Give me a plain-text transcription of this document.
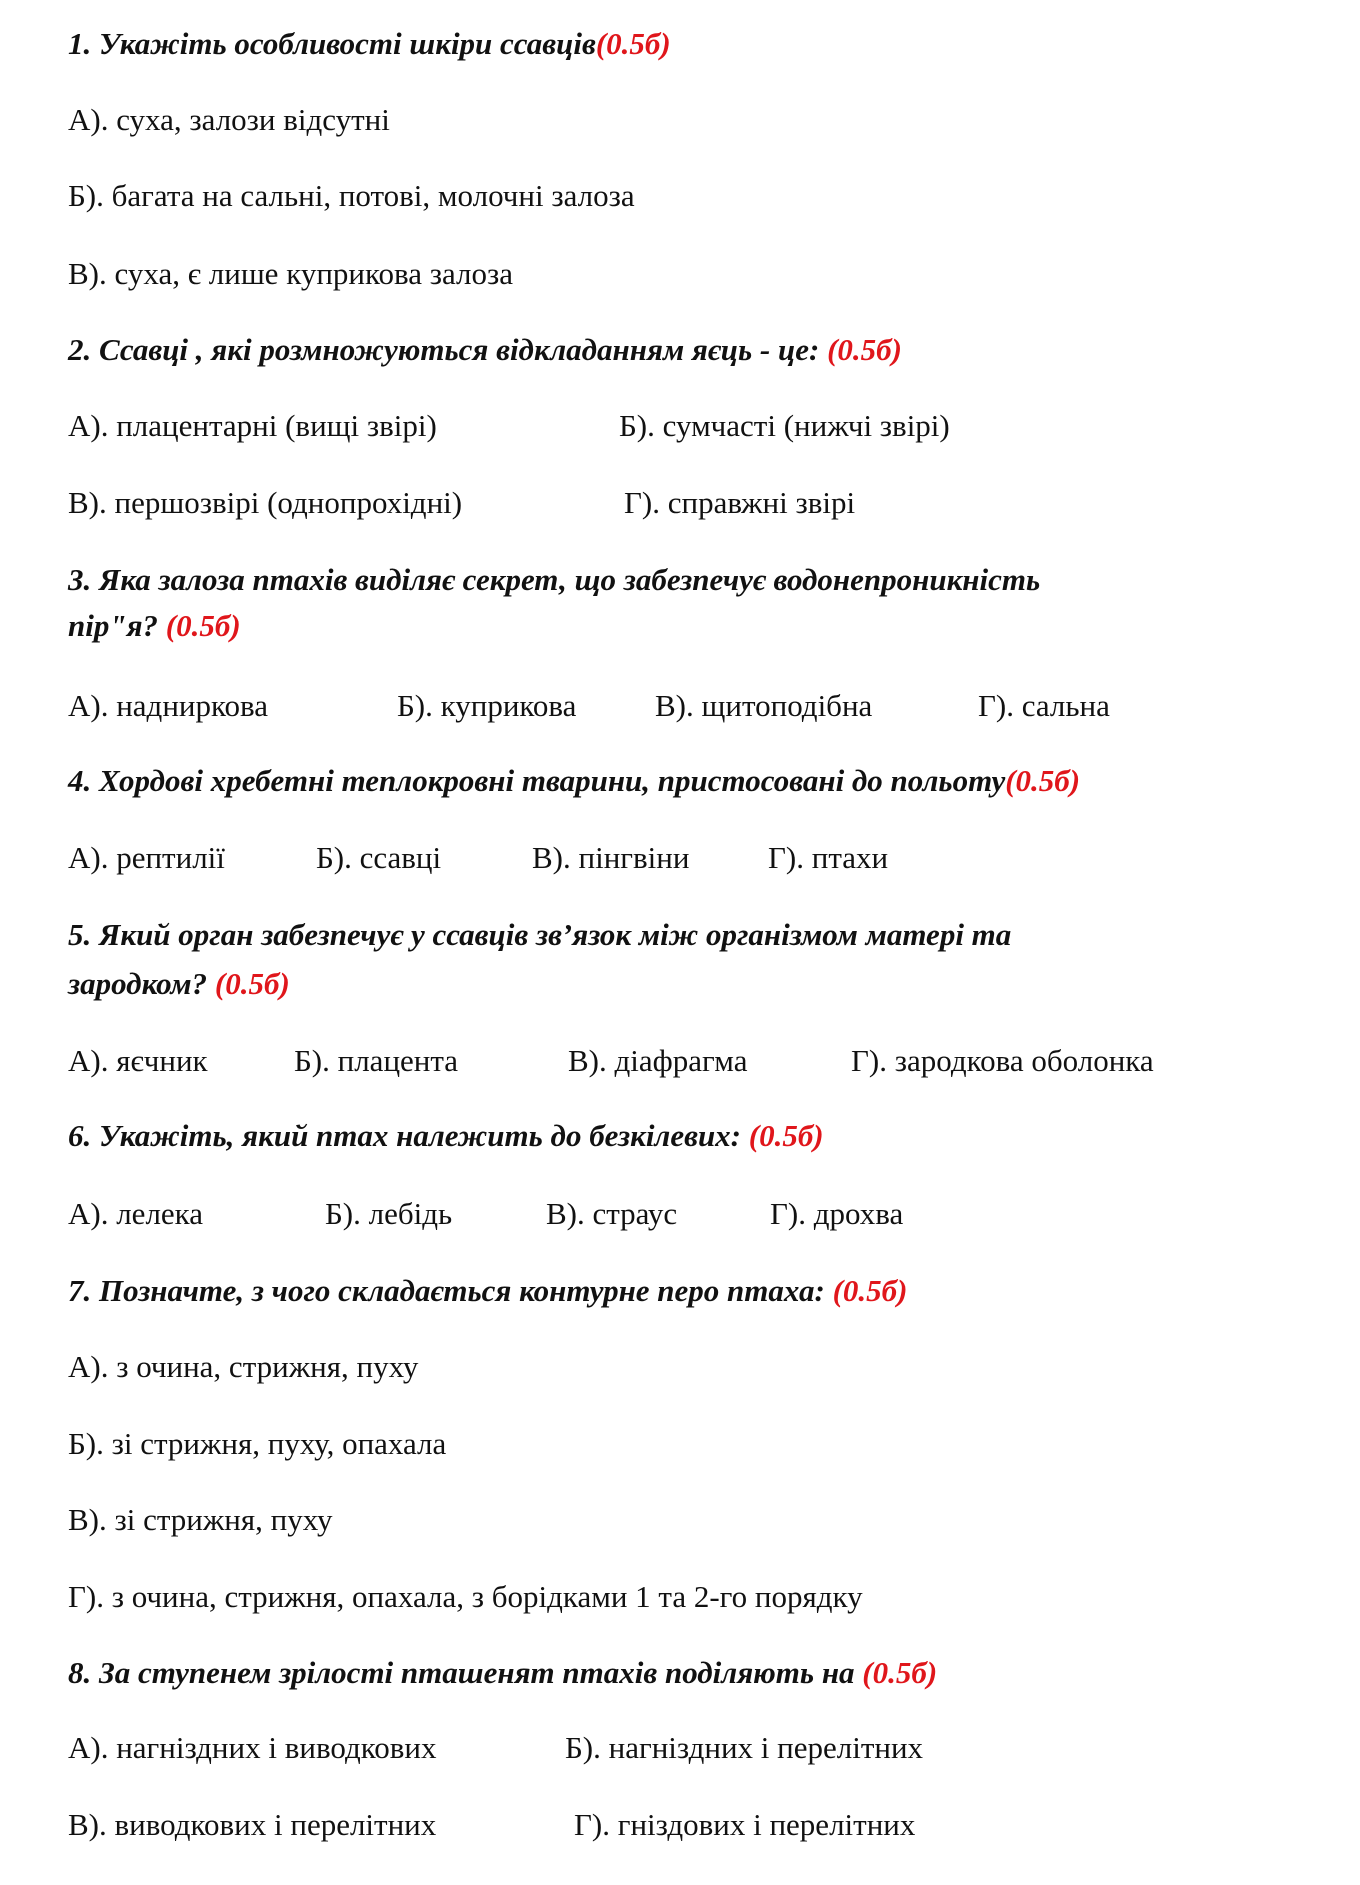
1. Укажіть особливості шкіри ссавців(0.5б)
А). суха, залози відсутні
Б). багата на сальні, потові, молочні залоза
В). суха, є лише куприкова залоза
2. Ссавці , які розмножуються відкладанням яєць - це: (0.5б)
А). плацентарні (вищі звірі)	Б). сумчасті (нижчі звірі)
В). першозвірі (однопрохідні)	Г). справжні звірі
3. Яка залоза птахів виділяє секрет, що забезпечує водонепроникність
пір"я? (0.5б)
А). надниркова	Б). куприкова	В). щитоподібна	Г). сальна
4. Хордові хребетні теплокровні тварини, пристосовані до польоту(0.5б)
А). рептилії	Б). ссавці	В). пінгвіни	Г). птахи
5. Який орган забезпечує у ссавців зв’язок між організмом матері та
зародком? (0.5б)
А). яєчник	Б). плацента	В). діафрагма	Г). зародкова оболонка
6. Укажіть, який птах належить до безкілевих: (0.5б)
А). лелека	Б). лебідь	В). страус	Г). дрохва
7. Позначте, з чого складається контурне перо птаха: (0.5б)
А). з очина, стрижня, пуху
Б). зі стрижня, пуху, опахала
В). зі стрижня, пуху
Г). з очина, стрижня, опахала, з борідками 1 та 2-го порядку
8. За ступенем зрілості пташенят птахів поділяють на (0.5б)
А). нагніздних і виводкових	Б). нагніздних і перелітних
В). виводкових і перелітних	Г). гніздових і перелітних
